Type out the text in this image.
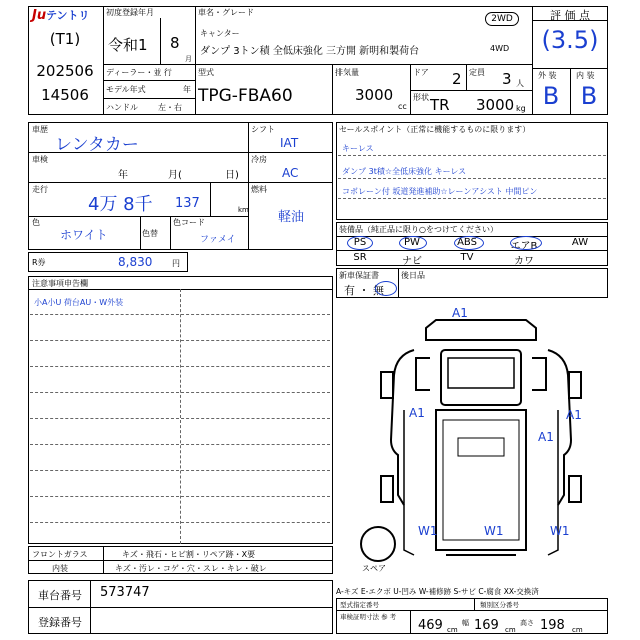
Juテントリ
(T1)
202506
14506
初度登録年月
令和1 8
月
ディーラー・並 行
モデル年式	年
ハンドル	左・右
車名・グレード
キャンター
ダンプ 3トン積 全低床強化 三方開 新明和製荷台
2WD
4WD
型式
TPG-FBA60
排気量
3000
cc
ドア 2 定員 3 人
形状 TR 3000 kg
評 価 点
(3.5)
外 装 内 装
B B
車歴
レンタカー
車検
年	月(	日)
走行
4万 8千 137	km
色
ホワイト	色替
色コード
ファメイ
シフト
IAT
冷房
AC
燃料
軽油
R券	8,830 円
セールスポイント（正常に機能するものに限ります）
キーレス
ダンプ 3t積☆全低床強化 キーレス
コボレーン付 坂道発進補助☆レーンアシスト 中間ピン
装備品（純正品に限り○をつけてください）
PS	PW	ABS	エアB	AW
SR	ナビ	TV	カワ
新車保証書
有 ・ 無
後日品
注意事項申告欄
小A小U 荷台AU・W外装
A1
A1	A1
A1
W1	W1	W1
スペア
フロントガラス	キズ・飛石・ヒビ割・リペア跡・X要
内装	キズ・汚レ・コゲ・穴・スレ・キレ・破レ
車台番号 573747
登録番号
A-キズ E-エクボ U-凹み W-補修跡 S-サビ C-腐食 XX-交換済
型式指定番号	類別区分番号
車検証明寸法 参 考
469 cm
幅 169 cm
高さ 198 cm
